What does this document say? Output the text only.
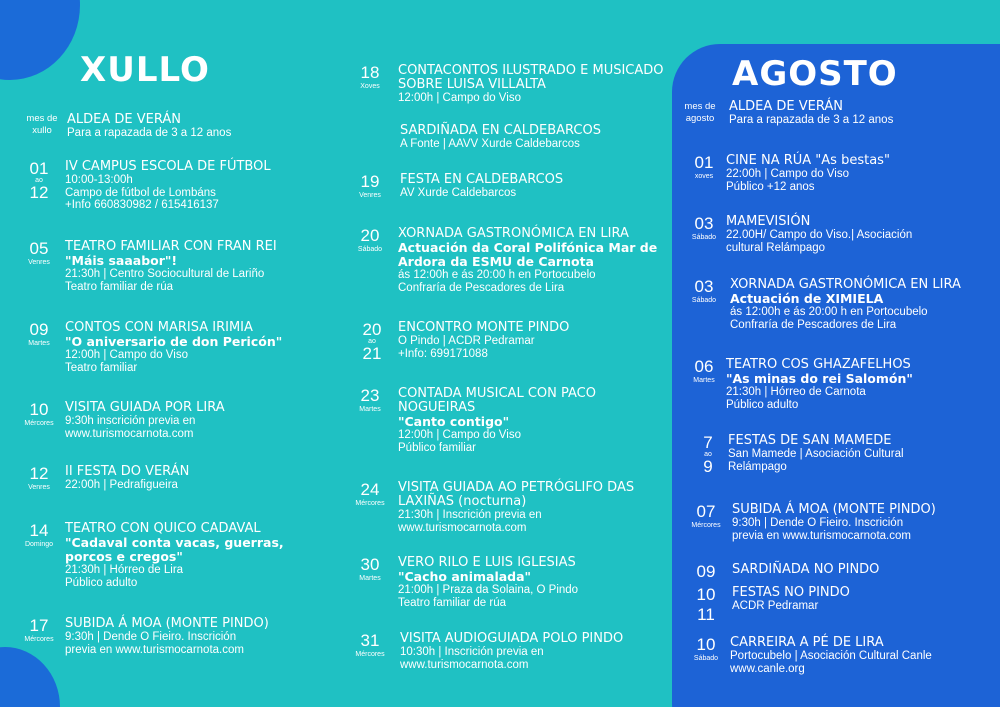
XULLO
mes de
xullo
ALDEA DE VERÁN
Para a rapazada de 3 a 12 anos
01
ao
12
IV CAMPUS ESCOLA DE FÚTBOL
10:00-13:00h
Campo de fútbol de Lombáns
+Info 660830982 / 615416137
05
Venres
TEATRO FAMILIAR CON FRAN REI
"Máis saaabor"!
21:30h | Centro Sociocultural de Lariño
Teatro familiar de rúa
09
Martes
CONTOS CON MARISA IRIMIA
"O aniversario de don Pericón"
12:00h | Campo do Viso
Teatro familiar
10
Mércores
VISITA GUIADA POR LIRA
9:30h inscrición previa en
www.turismocarnota.com
12
Venres
II FESTA DO VERÁN
22:00h | Pedrafigueira
14
Domingo
TEATRO CON QUICO CADAVAL
"Cadaval conta vacas, guerras, porcos e cregos"
21:30h | Hórreo de Lira
Público adulto
17
Mércores
SUBIDA Á MOA (MONTE PINDO)
9:30h | Dende O Fieiro. Inscrición
previa en www.turismocarnota.com
18
Xoves
CONTACONTOS ILUSTRADO E MUSICADO SOBRE LUISA VILLALTA
12:00h | Campo do Viso
SARDIÑADA EN CALDEBARCOS
A Fonte | AAVV Xurde Caldebarcos
19
Venres
FESTA EN CALDEBARCOS
AV Xurde Caldebarcos
20
Sábado
XORNADA GASTRONÓMICA EN LIRA
Actuación da Coral Polifónica Mar de Ardora da ESMU de Carnota
ás 12:00h e ás 20:00 h en Portocubelo
Confraría de Pescadores de Lira
20
ao
21
ENCONTRO MONTE PINDO
O Pindo | ACDR Pedramar
+Info: 699171088
23
Martes
CONTADA MUSICAL CON PACO NOGUEIRAS
"Canto contigo"
12:00h | Campo do Viso
Público familiar
24
Mércores
VISITA GUIADA AO PETRÓGLIFO DAS LAXIÑAS (nocturna)
21:30h | Inscrición previa en
www.turismocarnota.com
30
Martes
VERO RILO E LUIS IGLESIAS
"Cacho animalada"
21:00h | Praza da Solaina, O Pindo
Teatro familiar de rúa
31
Mércores
VISITA AUDIOGUIADA POLO PINDO
10:30h | Inscrición previa en
www.turismocarnota.com
AGOSTO
mes de
agosto
ALDEA DE VERÁN
Para a rapazada de 3 a 12 anos
01
xoves
CINE NA RÚA "As bestas"
22:00h | Campo do Viso
Público +12 anos
03
Sábado
MAMEVISIÓN
22.00H/ Campo do Viso.| Asociación
cultural Relámpago
03
Sábado
XORNADA GASTRONÓMICA EN LIRA
Actuación de XIMIELA
ás 12:00h e ás 20:00 h en Portocubelo
Confraría de Pescadores de Lira
06
Martes
TEATRO COS GHAZAFELHOS
"As minas do rei Salomón"
21:30h | Hórreo de Carnota
Público adulto
7
ao
9
FESTAS DE SAN MAMEDE
San Mamede | Asociación Cultural
Relámpago
07
Mércores
SUBIDA Á MOA (MONTE PINDO)
9:30h | Dende O Fieiro. Inscrición
previa en www.turismocarnota.com
09	SARDIÑADA NO PINDO
10
11
FESTAS NO PINDO
ACDR Pedramar
10
Sábado
CARREIRA A PÉ DE LIRA
Portocubelo | Asociación Cultural Canle
www.canle.org
